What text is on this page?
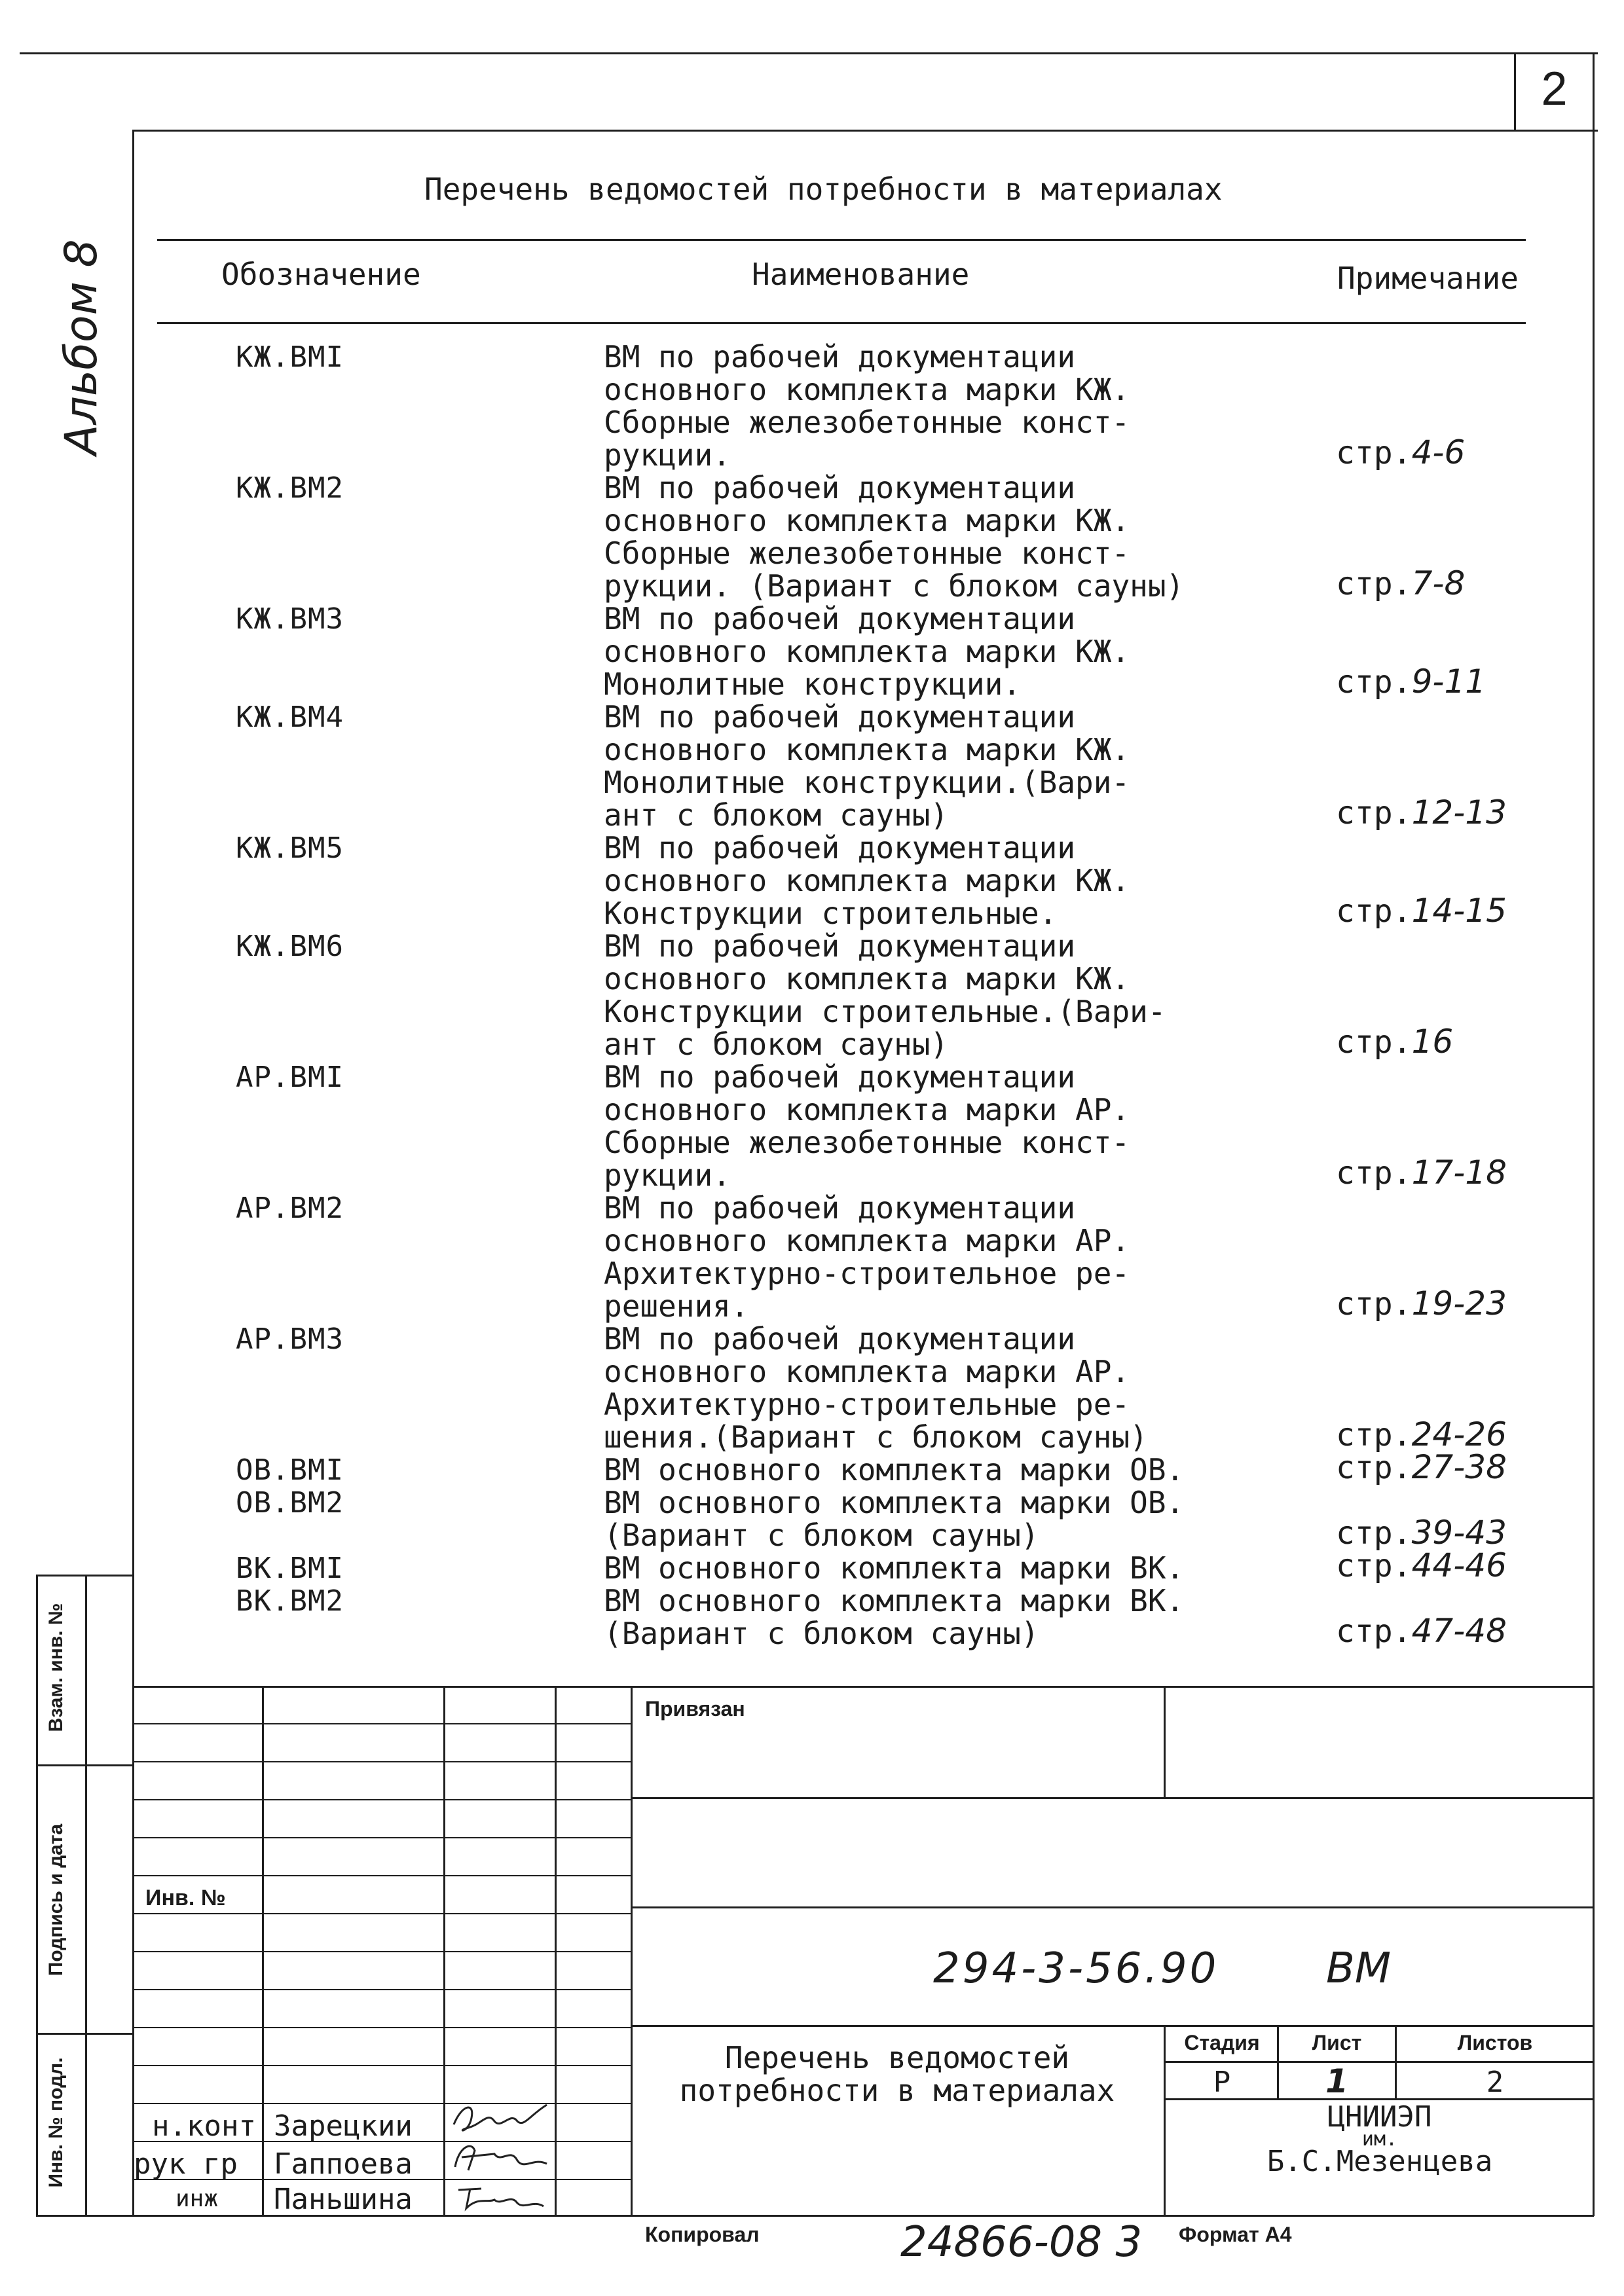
2
Альбом 8
Перечень ведомостей потребности в материалах
Обозначение	Наименование	Примечание
КЖ.ВМI	ВМ по рабочей документации
основного комплекта марки КЖ.
Сборные железобетонные конст-
рукции.	стр.4-6
КЖ.ВМ2	ВМ по рабочей документации
основного комплекта марки КЖ.
Сборные железобетонные конст-
рукции. (Вариант с блоком сауны)	стр.7-8
КЖ.ВМ3	ВМ по рабочей документации
основного комплекта марки КЖ.
Монолитные конструкции.	стр.9-11
КЖ.ВМ4	ВМ по рабочей документации
основного комплекта марки КЖ.
Монолитные конструкции.(Вари-
ант с блоком сауны)	стр.12-13
КЖ.ВМ5	ВМ по рабочей документации
основного комплекта марки КЖ.
Конструкции строительные.	стр.14-15
КЖ.ВМ6	ВМ по рабочей документации
основного комплекта марки КЖ.
Конструкции строительные.(Вари-
ант с блоком сауны)	стр.16
АР.ВМI	ВМ по рабочей документации
основного комплекта марки АР.
Сборные железобетонные конст-
рукции.	стр.17-18
АР.ВМ2	ВМ по рабочей документации
основного комплекта марки АР.
Архитектурно-строительное ре-
решения.	стр.19-23
АР.ВМ3	ВМ по рабочей документации
основного комплекта марки АР.
Архитектурно-строительные ре-
шения.(Вариант с блоком сауны)	стр.24-26
ОВ.ВМI	ВМ основного комплекта марки ОВ.	стр.27-38
ОВ.ВМ2	ВМ основного комплекта марки ОВ.
(Вариант с блоком сауны)	стр.39-43
ВК.ВМI	ВМ основного комплекта марки ВК.	стр.44-46
ВК.ВМ2	ВМ основного комплекта марки ВК.
(Вариант с блоком сауны)	стр.47-48
Взам. инв. №
Подпись и дата
Инв. № подл.
Привязан
Инв. №
294-3-56.90	ВМ
Перечень ведомостей
потребности в материалах
Стадия	Лист	Листов
Р	1	2
ЦНИИЭП
им.
Б.С.Мезенцева
н.конт Зарецкии
рук гр Гаппоева
инж Паньшина
Копировал	24866-08 3 Формат А4
